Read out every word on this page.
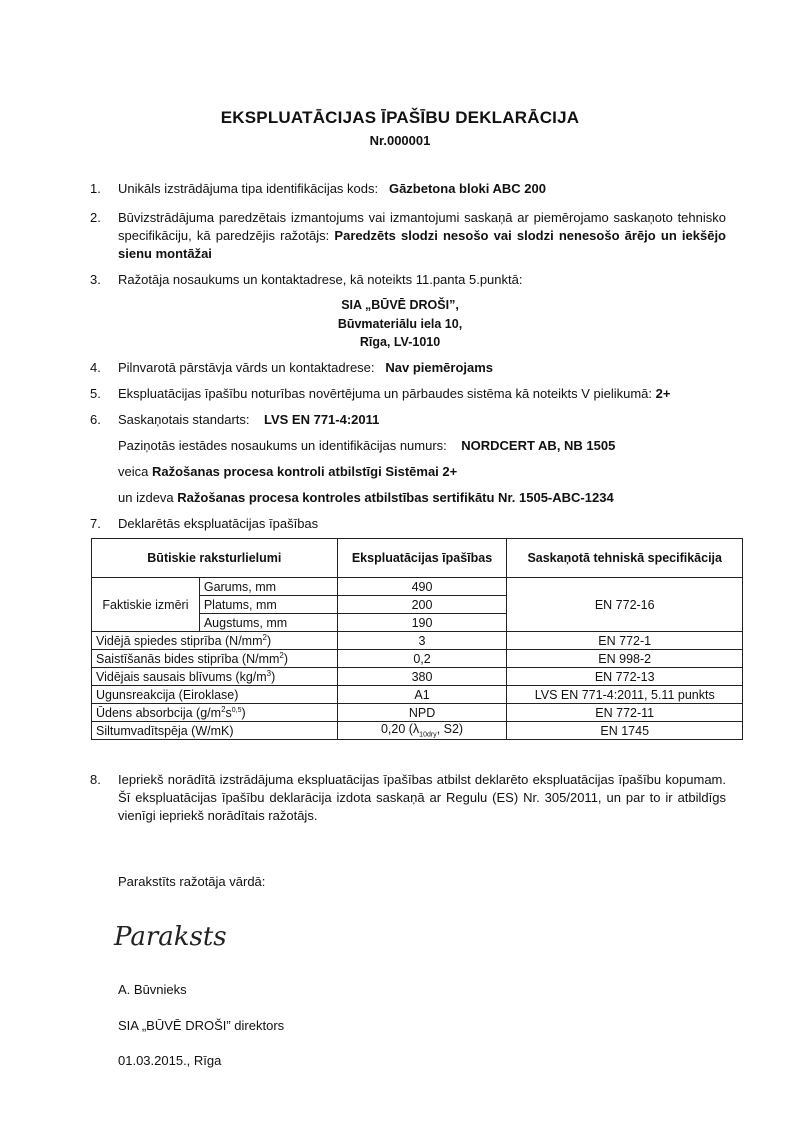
EKSPLUATĀCIJAS ĪPAŠĪBU DEKLARĀCIJA
Nr.000001
1.	Unikāls izstrādājuma tipa identifikācijas kods: Gāzbetona bloki ABC 200
2.	Būvizstrādājuma paredzētais izmantojums vai izmantojumi saskaņā ar piemērojamo saskaņoto tehnisko specifikāciju, kā paredzējis ražotājs: Paredzēts slodzi nesošo vai slodzi nenesošo ārējo un iekšējo sienu montāžai
3.	Ražotāja nosaukums un kontaktadrese, kā noteikts 11.panta 5.punktā:
SIA „BŪVĒ DROŠI”,
Būvmateriālu iela 10,
Rīga, LV-1010
4.	Pilnvarotā pārstāvja vārds un kontaktadrese: Nav piemērojams
5.	Ekspluatācijas īpašību noturības novērtējuma un pārbaudes sistēma kā noteikts V pielikumā: 2+
6.	Saskaņotais standarts: LVS EN 771-4:2011
Paziņotās iestādes nosaukums un identifikācijas numurs: NORDCERT AB, NB 1505
veica Ražošanas procesa kontroli atbilstīgi Sistēmai 2+
un izdeva Ražošanas procesa kontroles atbilstības sertifikātu Nr. 1505-ABC-1234
7.	Deklarētās ekspluatācijas īpašības
Būtiskie raksturlielumi		Ekspluatācijas īpašības	Saskaņotā tehniskā specifikācija
Faktiskie izmēri	Garums, mm	490	EN 772-16
	Platums, mm	200	
	Augstums, mm	190	
Vidējā spiedes stiprība $(N/mm^2)$		3	EN 772-1
Saistīšanās bides stiprība $(N/mm^2)$		0,2	EN 998-2
Vidējais sausais blīvums $(kg/m^3)$		380	EN 772-13
Ugunsreakcija (Eiroklase)		A1	LVS EN 771-4:2011, 5.11 punkts
Ūdens absorbcija $(g/m^2s^{0,5})$		NPD	EN 772-11
Siltumvadītspēja (W/mK)		0,20 ($\lambda_{10dry}$, S2)	EN 1745
8.	Iepriekš norādītā izstrādājuma ekspluatācijas īpašības atbilst deklarēto ekspluatācijas īpašību kopumam. Šī ekspluatācijas īpašību deklarācija izdota saskaņā ar Regulu (ES) Nr. 305/2011, un par to ir atbildīgs vienīgi iepriekš norādītais ražotājs.
Parakstīts ražotāja vārdā:
Paraksts
A. Būvnieks
SIA „BŪVĒ DROŠI” direktors
01.03.2015., Rīga
